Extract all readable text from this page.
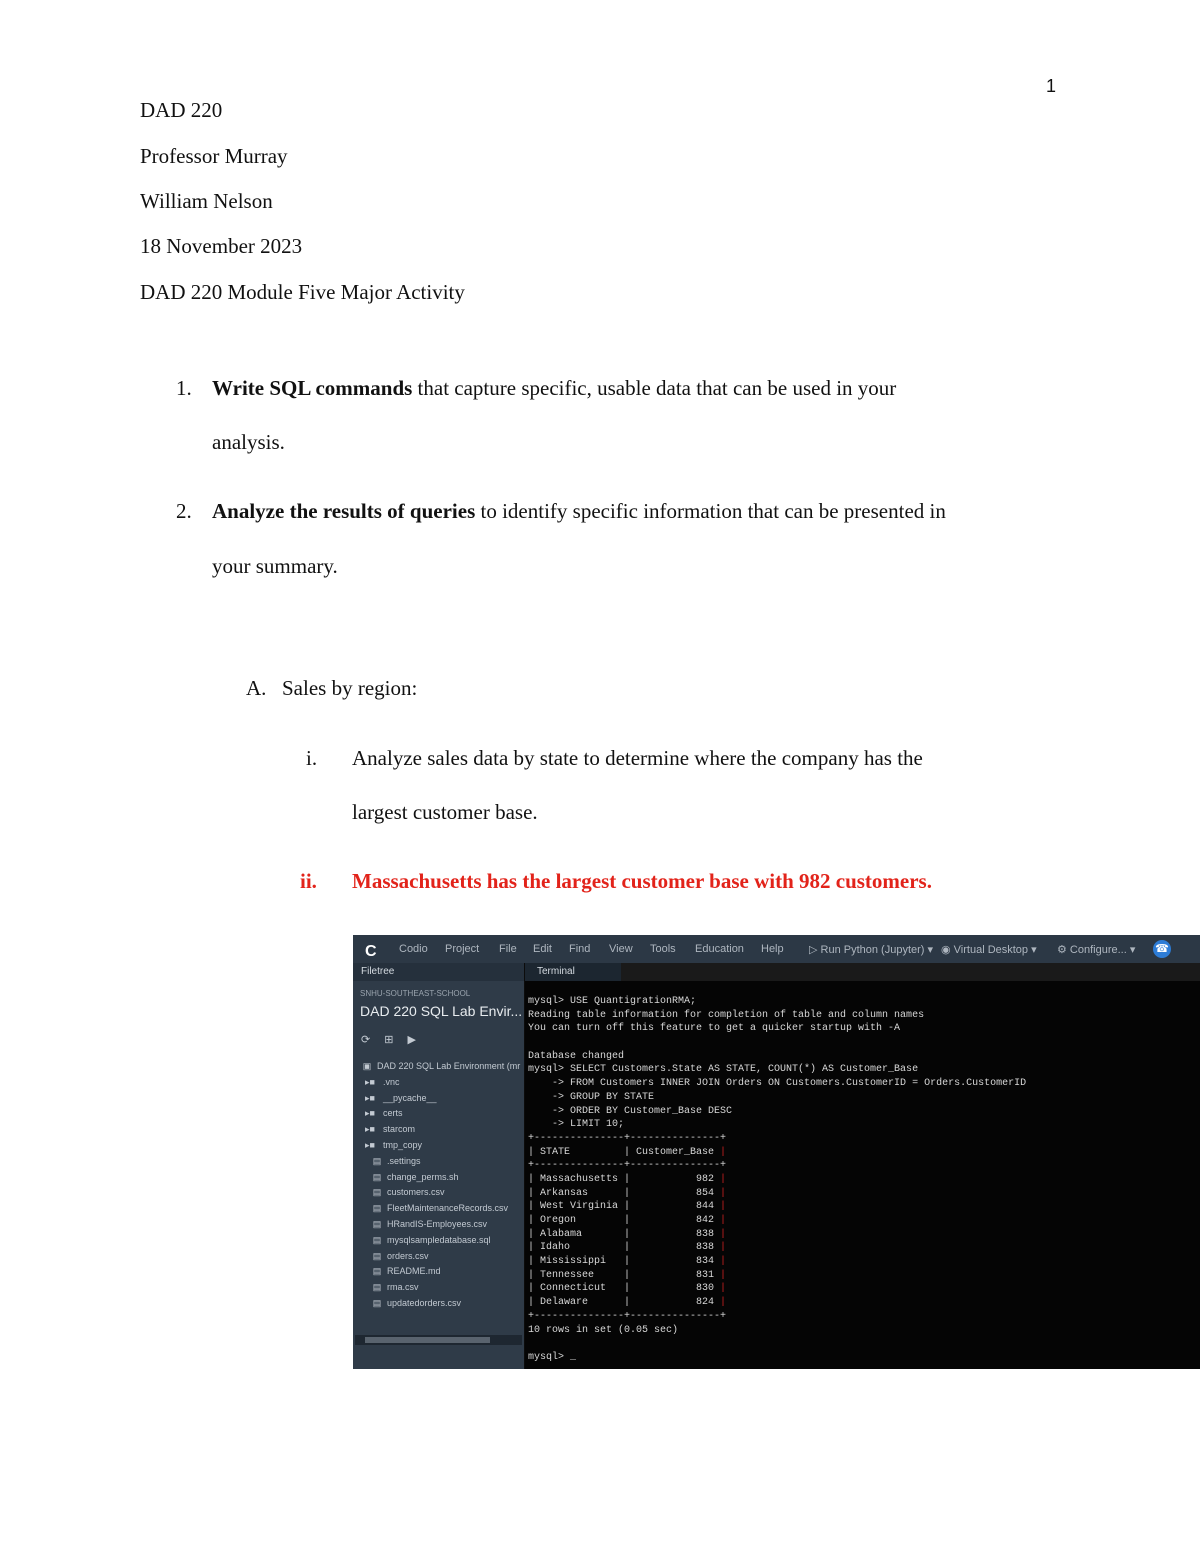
1
DAD 220
Professor Murray
William Nelson
18 November 2023
DAD 220 Module Five Major Activity
1. Write SQL commands that capture specific, usable data that can be used in your
analysis.
2. Analyze the results of queries to identify specific information that can be presented in
your summary.
A. Sales by region:
i. Analyze sales data by state to determine where the company has the
largest customer base.
ii. Massachusetts has the largest customer base with 982 customers.
C Codio Project File Edit Find View Tools Education Help ▷ Run Python (Jupyter) ▾ ◉ Virtual Desktop ▾ ⚙ Configure... ▾ ☎
Filetree
SNHU-SOUTHEAST-SCHOOL
DAD 220 SQL Lab Envir...
⟳ ⊞ ▶
▣ DAD 220 SQL Lab Environment (mr
▸■ .vnc
▸■ __pycache__
▸■ certs
▸■ starcom
▸■ tmp_copy
▤ .settings
▤ change_perms.sh
▤ customers.csv
▤ FleetMaintenanceRecords.csv
▤ HRandIS-Employees.csv
▤ mysqlsampledatabase.sql
▤ orders.csv
▤ README.md
▤ rma.csv
▤ updatedorders.csv
Terminal
mysql> USE QuantigrationRMA;
Reading table information for completion of table and column names
You can turn off this feature to get a quicker startup with -A
Database changed
mysql> SELECT Customers.State AS STATE, COUNT(*) AS Customer_Base
-> FROM Customers INNER JOIN Orders ON Customers.CustomerID = Orders.CustomerID
-> GROUP BY STATE
-> ORDER BY Customer_Base DESC
-> LIMIT 10;
+---------------+---------------+
| STATE         | Customer_Base |
+---------------+---------------+
| Massachusetts |           982 |
| Arkansas      |           854 |
| West Virginia |           844 |
| Oregon        |           842 |
| Alabama       |           838 |
| Idaho         |           838 |
| Mississippi   |           834 |
| Tennessee     |           831 |
| Connecticut   |           830 |
| Delaware      |           824 |
+---------------+---------------+
10 rows in set (0.05 sec)
mysql> _
